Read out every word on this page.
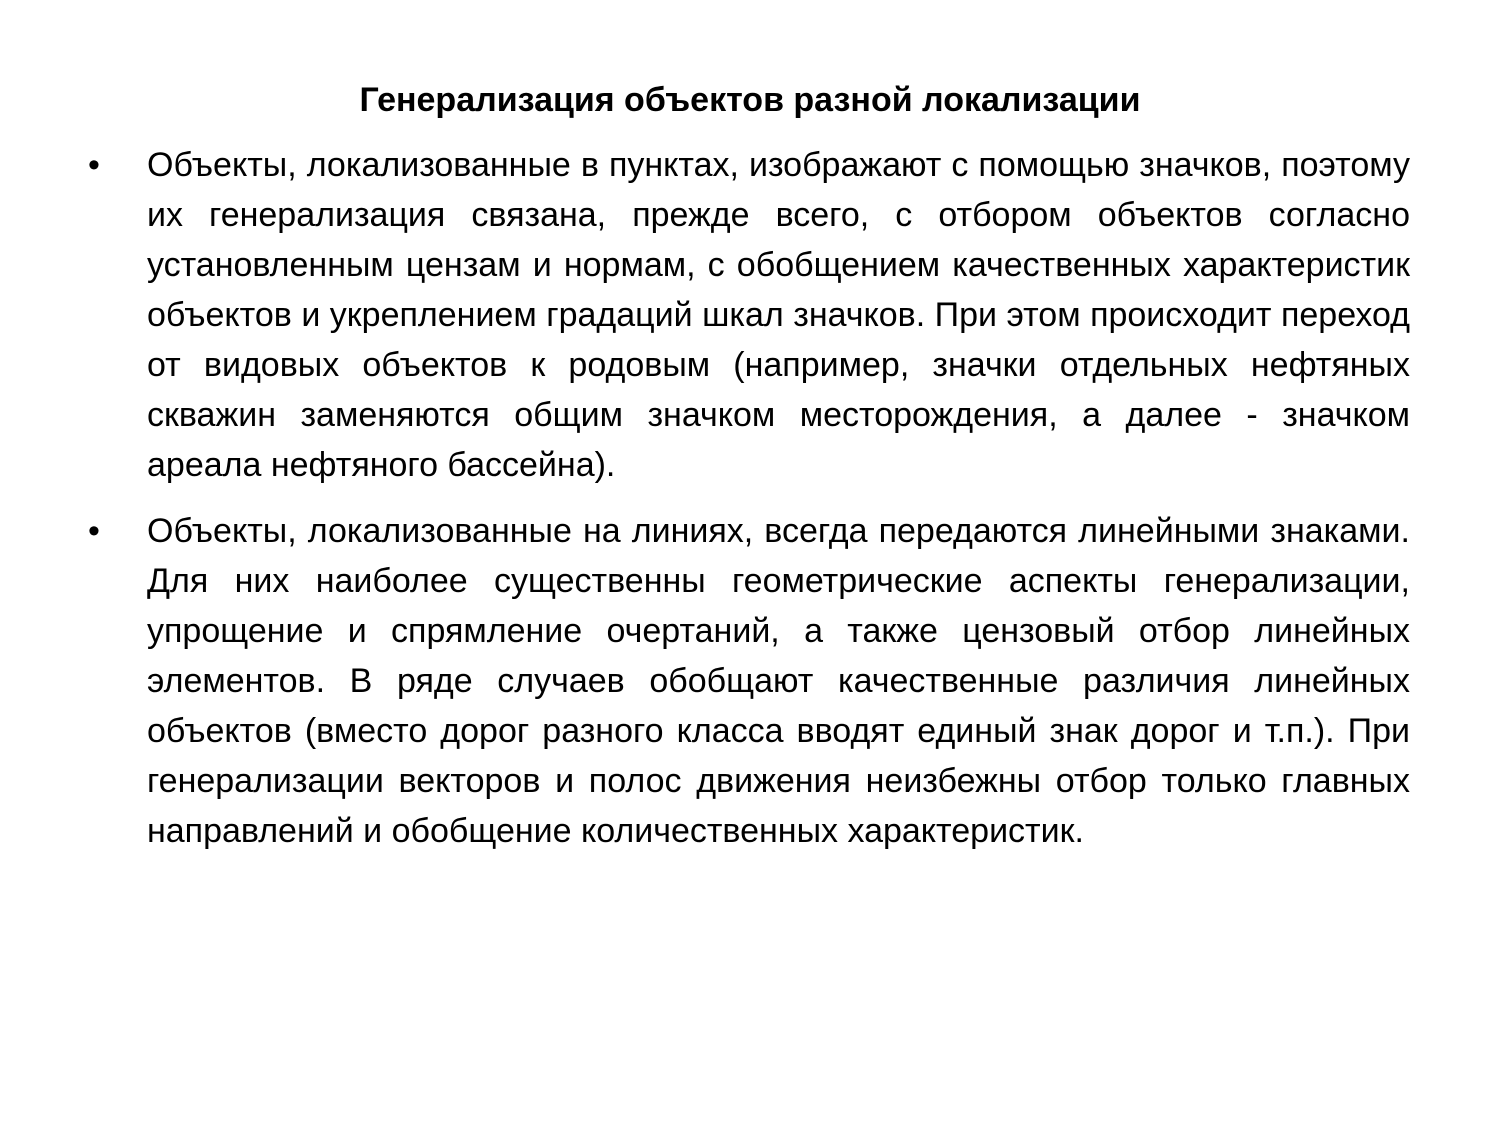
Генерализация объектов разной локализации
•	Объекты, локализованные в пунктах, изображают с помощью значков, поэтому их генерализация связана, прежде всего, с отбором объектов согласно установленным цензам и нормам, с обобщением качественных характеристик объектов и укреплением градаций шкал значков. При этом происходит переход от видовых объектов к родовым (например, значки отдельных нефтяных скважин заменяются общим значком месторождения, а далее - значком ареала нефтяного бассейна).
•	Объекты, локализованные на линиях, всегда передаются линейными знаками. Для них наиболее существенны геометрические аспекты генерализации, упрощение и спрямление очертаний, а также цензовый отбор линейных элементов. В ряде случаев обобщают качественные различия линейных объектов (вместо дорог разного класса вводят единый знак дорог и т.п.). При генерализации векторов и полос движения неизбежны отбор только главных направлений и обобщение количественных характеристик.
